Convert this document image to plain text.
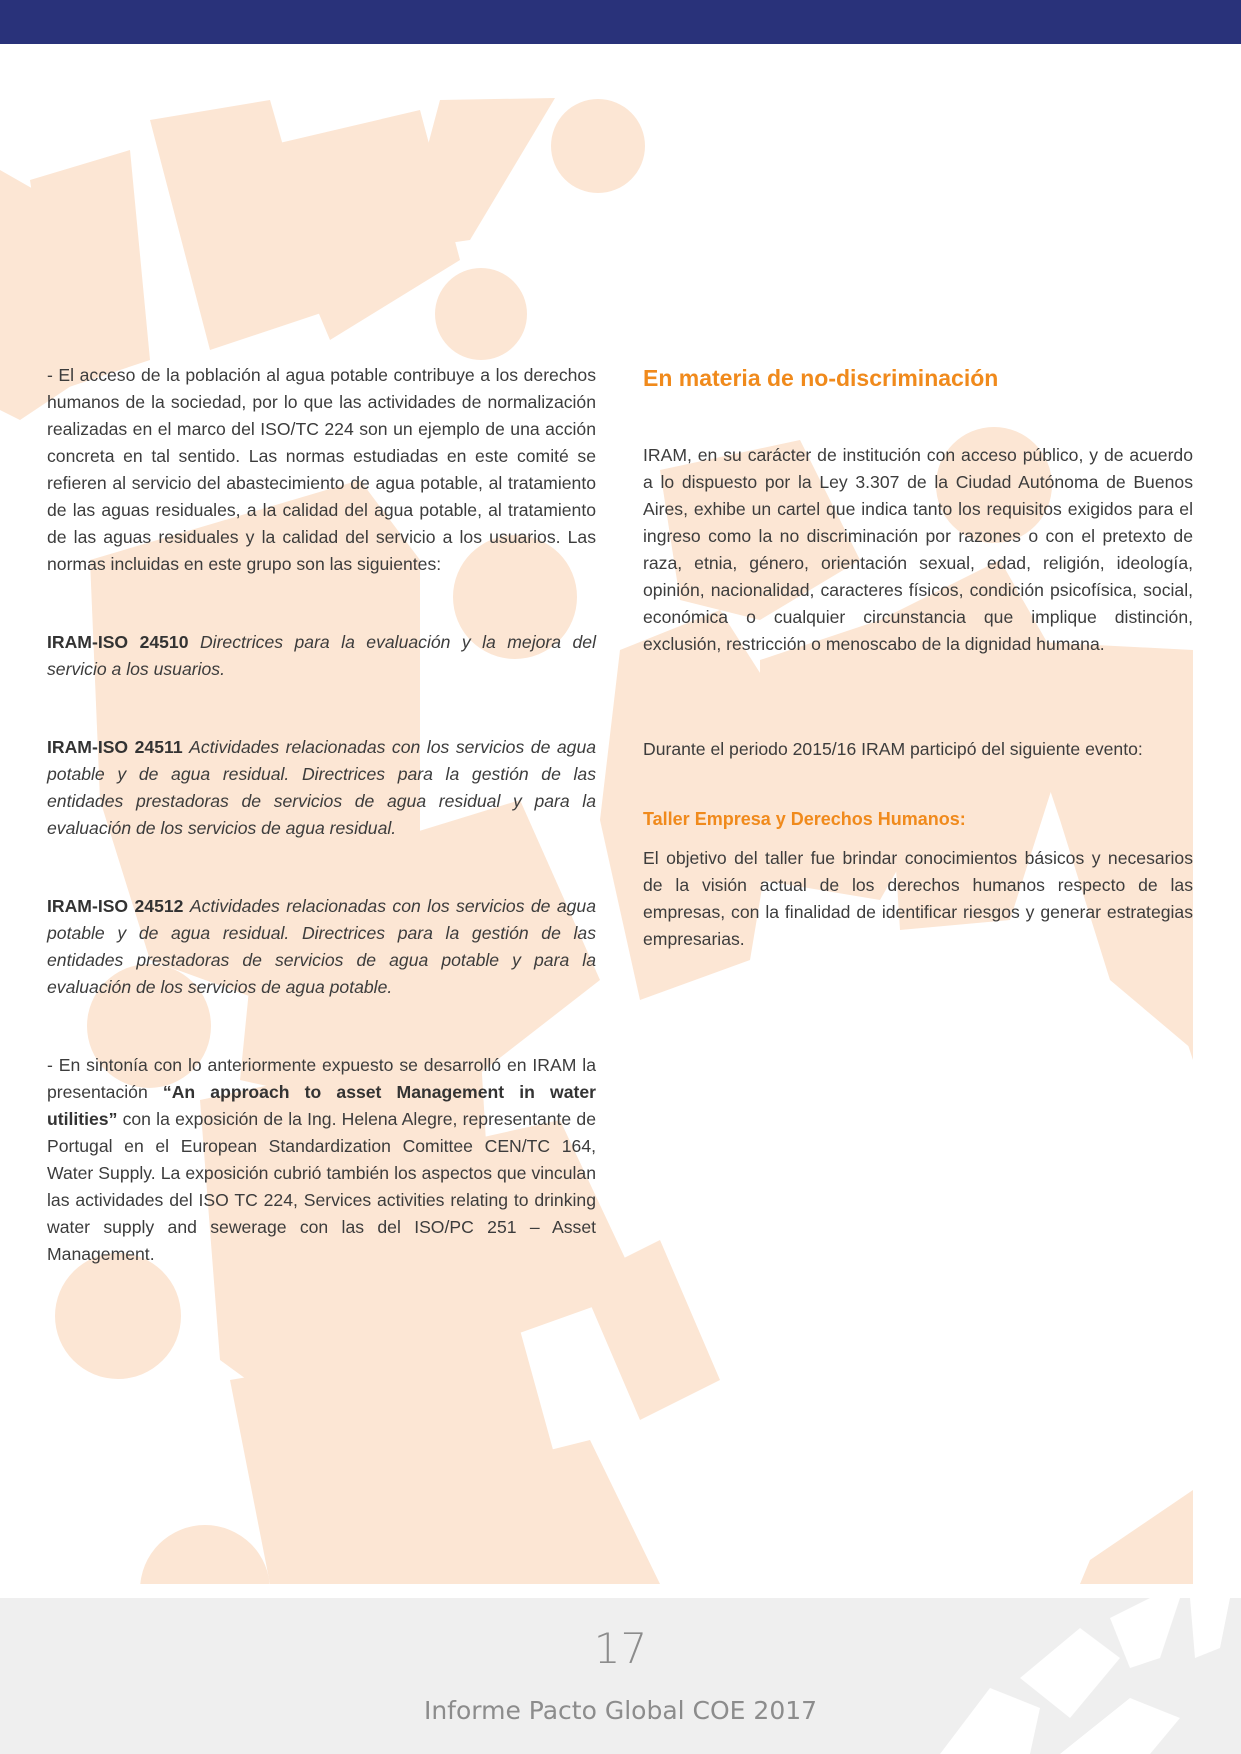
- El acceso de la población al agua potable contribuye a los derechos humanos de la sociedad, por lo que las actividades de normalización realizadas en el marco del ISO/TC 224 son un ejemplo de una acción concreta en tal sentido. Las normas estudiadas en este comité se refieren al servicio del abastecimiento de agua potable, al tratamiento de las aguas residuales, a la calidad del agua potable, al tratamiento de las aguas residuales y la calidad del servicio a los usuarios. Las normas incluidas en este grupo son las siguientes:

IRAM-ISO 24510 Directrices para la evaluación y la mejora del servicio a los usuarios.

IRAM-ISO 24511 Actividades relacionadas con los servicios de agua potable y de agua residual. Directrices para la gestión de las entidades prestadoras de servicios de agua residual y para la evaluación de los servicios de agua residual.

IRAM-ISO 24512 Actividades relacionadas con los servicios de agua potable y de agua residual. Directrices para la gestión de las entidades prestadoras de servicios de agua potable y para la evaluación de los servicios de agua potable.

- En sintonía con lo anteriormente expuesto se desarrolló en IRAM la presentación “An approach to asset Management in water utilities” con la exposición de la Ing. Helena Alegre, representante de Portugal en el European Standardization Comittee CEN/TC 164, Water Supply. La exposición cubrió también los aspectos que vinculan las actividades del ISO TC 224, Services activities relating to drinking water supply and sewerage con las del ISO/PC 251 – Asset Management.

En materia de no-discriminación

IRAM, en su carácter de institución con acceso público, y de acuerdo a lo dispuesto por la Ley 3.307 de la Ciudad Autónoma de Buenos Aires, exhibe un cartel que indica tanto los requisitos exigidos para el ingreso como la no discriminación por razones o con el pretexto de raza, etnia, género, orientación sexual, edad, religión, ideología, opinión, nacionalidad, caracteres físicos, condición psicofísica, social, económica o cualquier circunstancia que implique distinción, exclusión, restricción o menoscabo de la dignidad humana.

Durante el periodo 2015/16 IRAM participó del siguiente evento:

Taller Empresa y Derechos Humanos:

El objetivo del taller fue brindar conocimientos básicos y necesarios de la visión actual de los derechos humanos respecto de las empresas, con la finalidad de identificar riesgos y generar estrategias empresarias.

17
Informe Pacto Global COE 2017
